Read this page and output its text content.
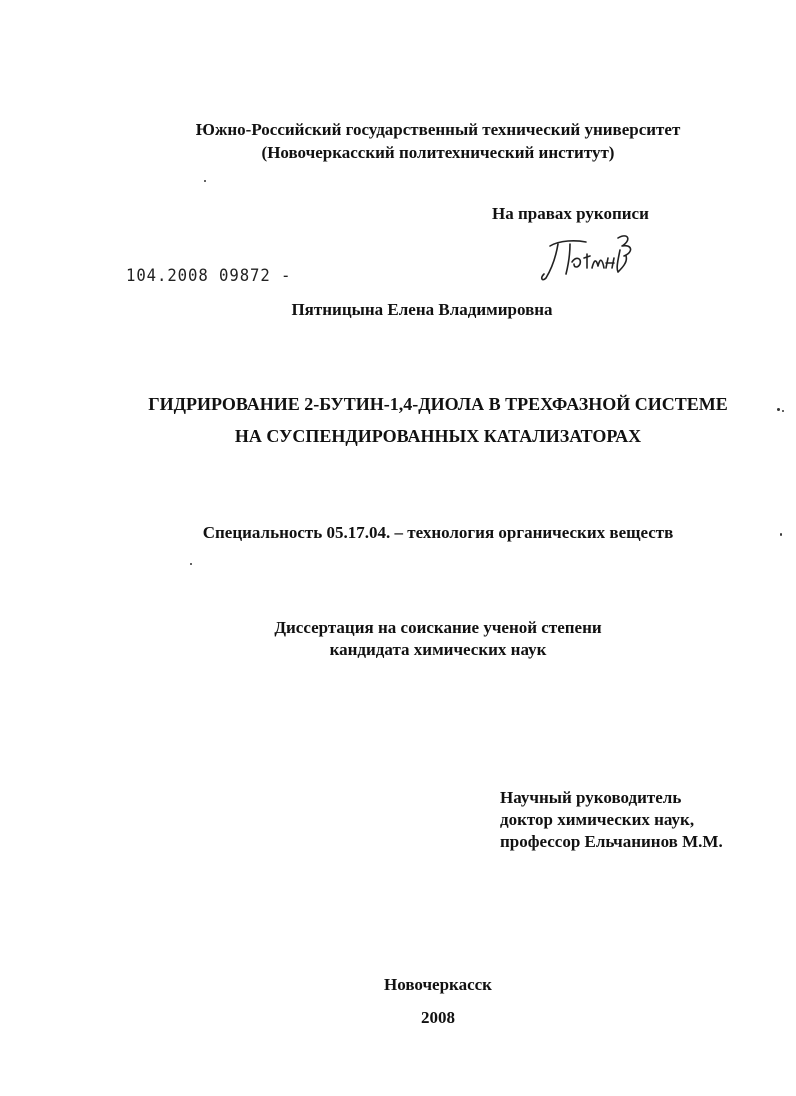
Южно-Российский государственный технический университет
(Новочеркасский политехнический институт)
На правах рукописи
104.2008 09872 -
Пятницына Елена Владимировна
ГИДРИРОВАНИЕ 2-БУТИН-1,4-ДИОЛА В ТРЕХФАЗНОЙ СИСТЕМЕ
НА СУСПЕНДИРОВАННЫХ КАТАЛИЗАТОРАХ
Специальность 05.17.04. – технология органических веществ
Диссертация на соискание ученой степени
кандидата химических наук
Научный руководитель
доктор химических наук,
профессор Ельчанинов М.М.
Новочеркасск
2008
